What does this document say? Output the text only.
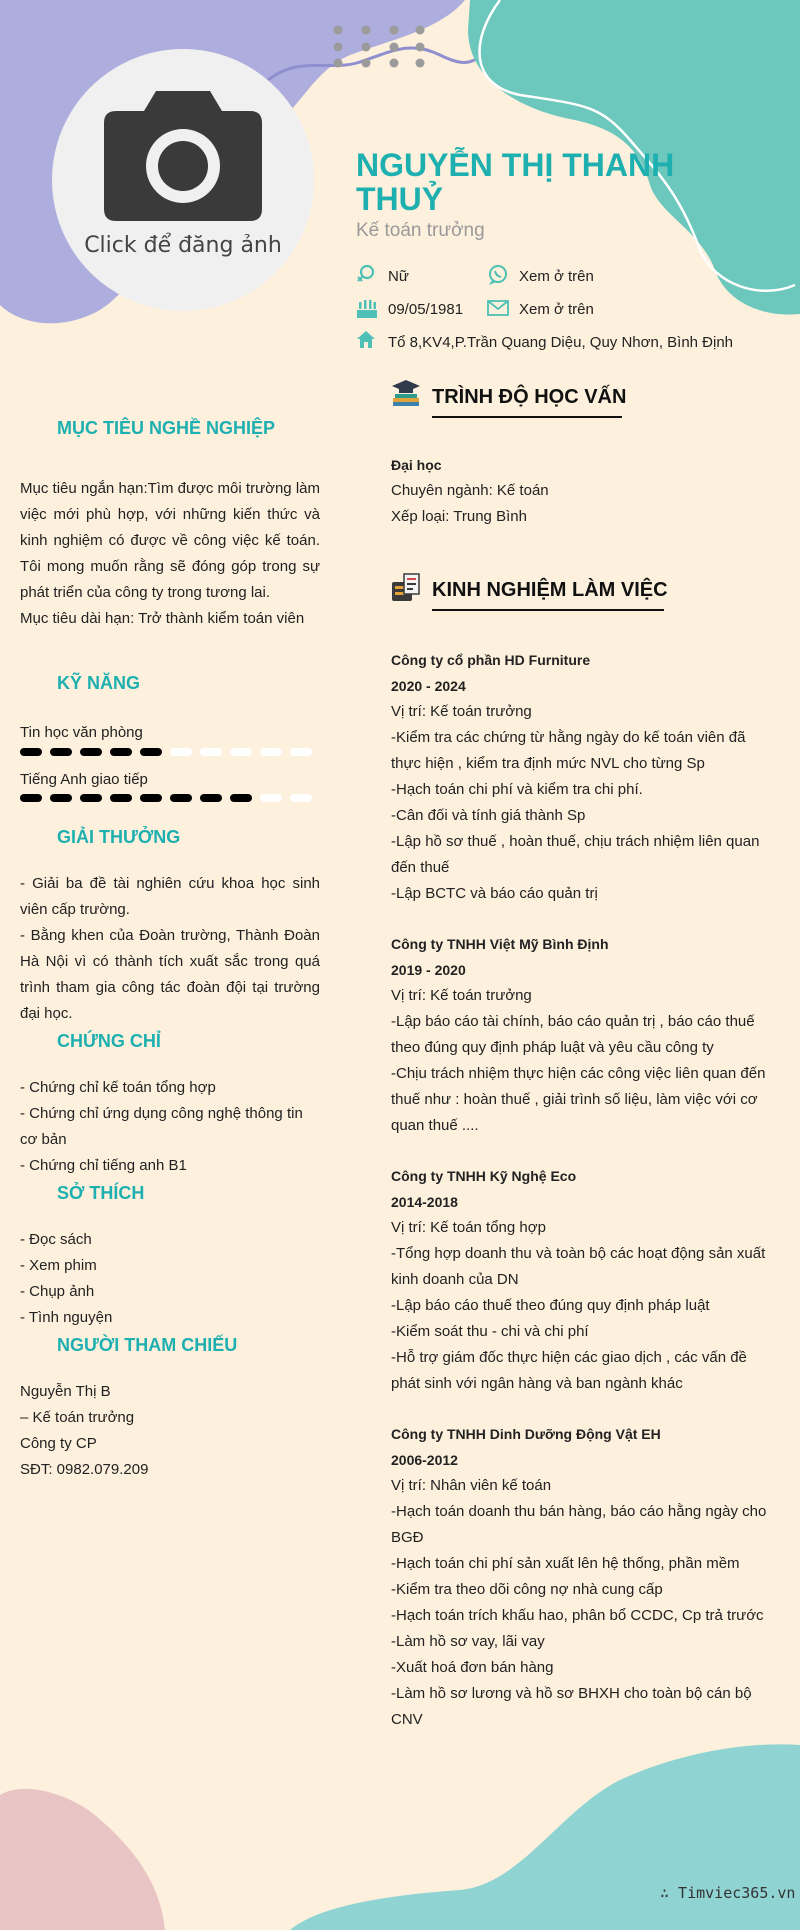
Click để đăng ảnh
NGUYỄN THỊ THANH THUỶ
Kế toán trưởng
Nữ	Xem ở trên
09/05/1981	Xem ở trên
Tổ 8,KV4,P.Trần Quang Diệu, Quy Nhơn, Bình Định
MỤC TIÊU NGHỀ NGHIỆP

Mục tiêu ngắn hạn:Tìm được môi trường làm việc mới phù hợp, với những kiến thức và kinh nghiệm có được về công việc kế toán. Tôi mong muốn rằng sẽ đóng góp trong sự phát triển của công ty trong tương lai.

Mục tiêu dài hạn: Trở thành kiểm toán viên

KỸ NĂNG
Tin học văn phòng
Tiếng Anh giao tiếp
GIẢI THƯỞNG

- Giải ba đề tài nghiên cứu khoa học sinh viên cấp trường.

- Bằng khen của Đoàn trường, Thành Đoàn Hà Nội vì có thành tích xuất sắc trong quá trình tham gia công tác đoàn đội tại trường đại học.

CHỨNG CHỈ

- Chứng chỉ kế toán tổng hợp

- Chứng chỉ ứng dụng công nghệ thông tin cơ bản

- Chứng chỉ tiếng anh B1

SỞ THÍCH

- Đọc sách

- Xem phim

- Chụp ảnh

- Tình nguyện

NGƯỜI THAM CHIẾU

Nguyễn Thị B

– Kế toán trưởng

Công ty CP

SĐT: 0982.079.209

TRÌNH ĐỘ HỌC VẤN

Đại học

Chuyên ngành: Kế toán

Xếp loại: Trung Bình

KINH NGHIỆM LÀM VIỆC

Công ty cổ phần HD Furniture

2020 - 2024

Vị trí: Kế toán trưởng

-Kiểm tra các chứng từ hằng ngày do kế toán viên đã thực hiện , kiểm tra định mức NVL cho từng Sp

-Hạch toán chi phí và kiểm tra chi phí.

-Cân đối và tính giá thành Sp

-Lập hồ sơ thuế , hoàn thuế, chịu trách nhiệm liên quan đến thuế

-Lập BCTC và báo cáo quản trị

Công ty TNHH Việt Mỹ Bình Định

2019 - 2020

Vị trí: Kế toán trưởng

-Lập báo cáo tài chính, báo cáo quản trị , báo cáo thuế theo đúng quy định pháp luật và yêu cầu công ty

-Chịu trách nhiệm thực hiện các công việc liên quan đến thuế như : hoàn thuế , giải trình số liệu, làm việc với cơ quan thuế ....

Công ty TNHH Kỹ Nghệ Eco

2014-2018

Vị trí: Kế toán tổng hợp

-Tổng hợp doanh thu và toàn bộ các hoạt động sản xuất kinh doanh của DN

-Lập báo cáo thuế theo đúng quy định pháp luật

-Kiểm soát thu - chi và chi phí

-Hỗ trợ giám đốc thực hiện các giao dịch , các vấn đề phát sinh với ngân hàng và ban ngành khác

Công ty TNHH Dinh Dưỡng Động Vật EH

2006-2012

Vị trí: Nhân viên kế toán

-Hạch toán doanh thu bán hàng, báo cáo hằng ngày cho BGĐ

-Hạch toán chi phí sản xuất lên hệ thống, phần mềm

-Kiểm tra theo dõi công nợ nhà cung cấp

-Hạch toán trích khấu hao, phân bổ CCDC, Cp trả trước

-Làm hồ sơ vay, lãi vay

-Xuất hoá đơn bán hàng

-Làm hồ sơ lương và hồ sơ BHXH cho toàn bộ cán bộ CNV

∴ Timviec365.vn
